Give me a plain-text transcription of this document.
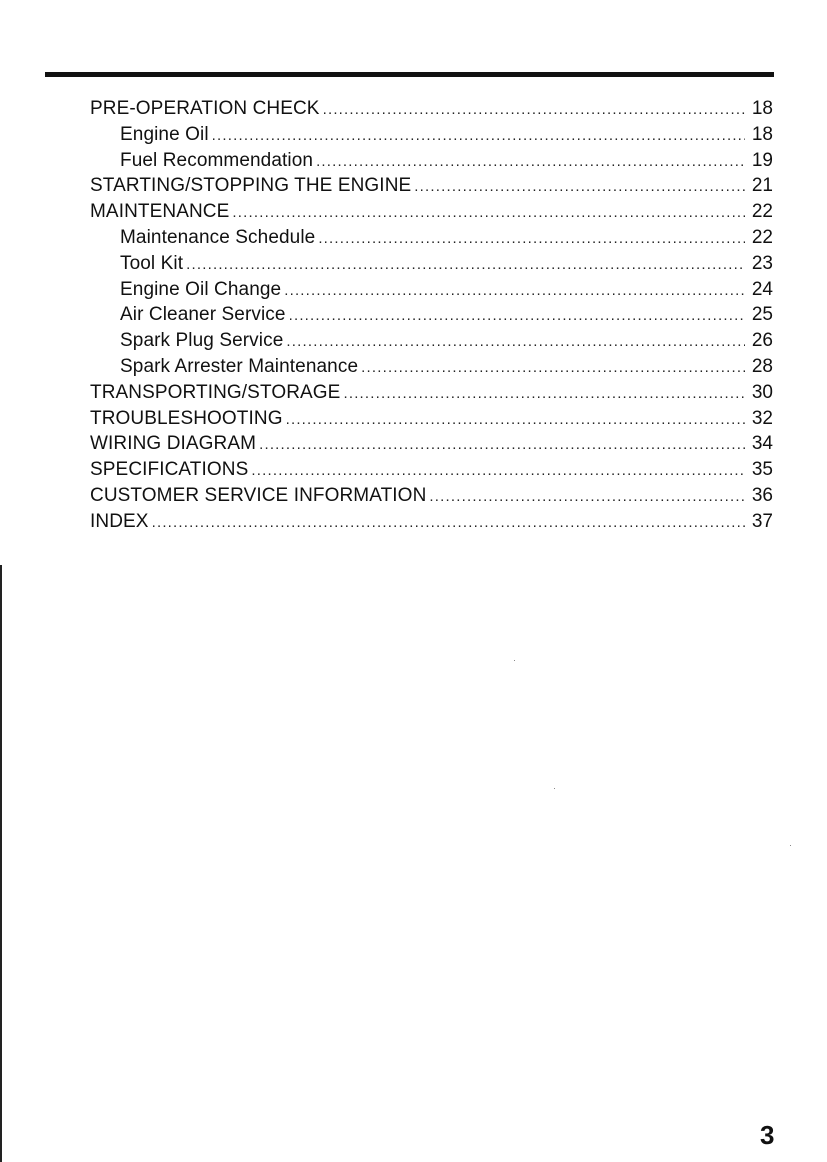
PRE-OPERATION CHECK .....	18
Engine Oil .....	18
Fuel Recommendation .....	19
STARTING/STOPPING THE ENGINE .....	21
MAINTENANCE .....	22
Maintenance Schedule .....	22
Tool Kit .....	23
Engine Oil Change .....	24
Air Cleaner Service .....	25
Spark Plug Service .....	26
Spark Arrester Maintenance .....	28
TRANSPORTING/STORAGE .....	30
TROUBLESHOOTING .....	32
WIRING DIAGRAM .....	34
SPECIFICATIONS .....	35
CUSTOMER SERVICE INFORMATION .....	36
INDEX .....	37
3
